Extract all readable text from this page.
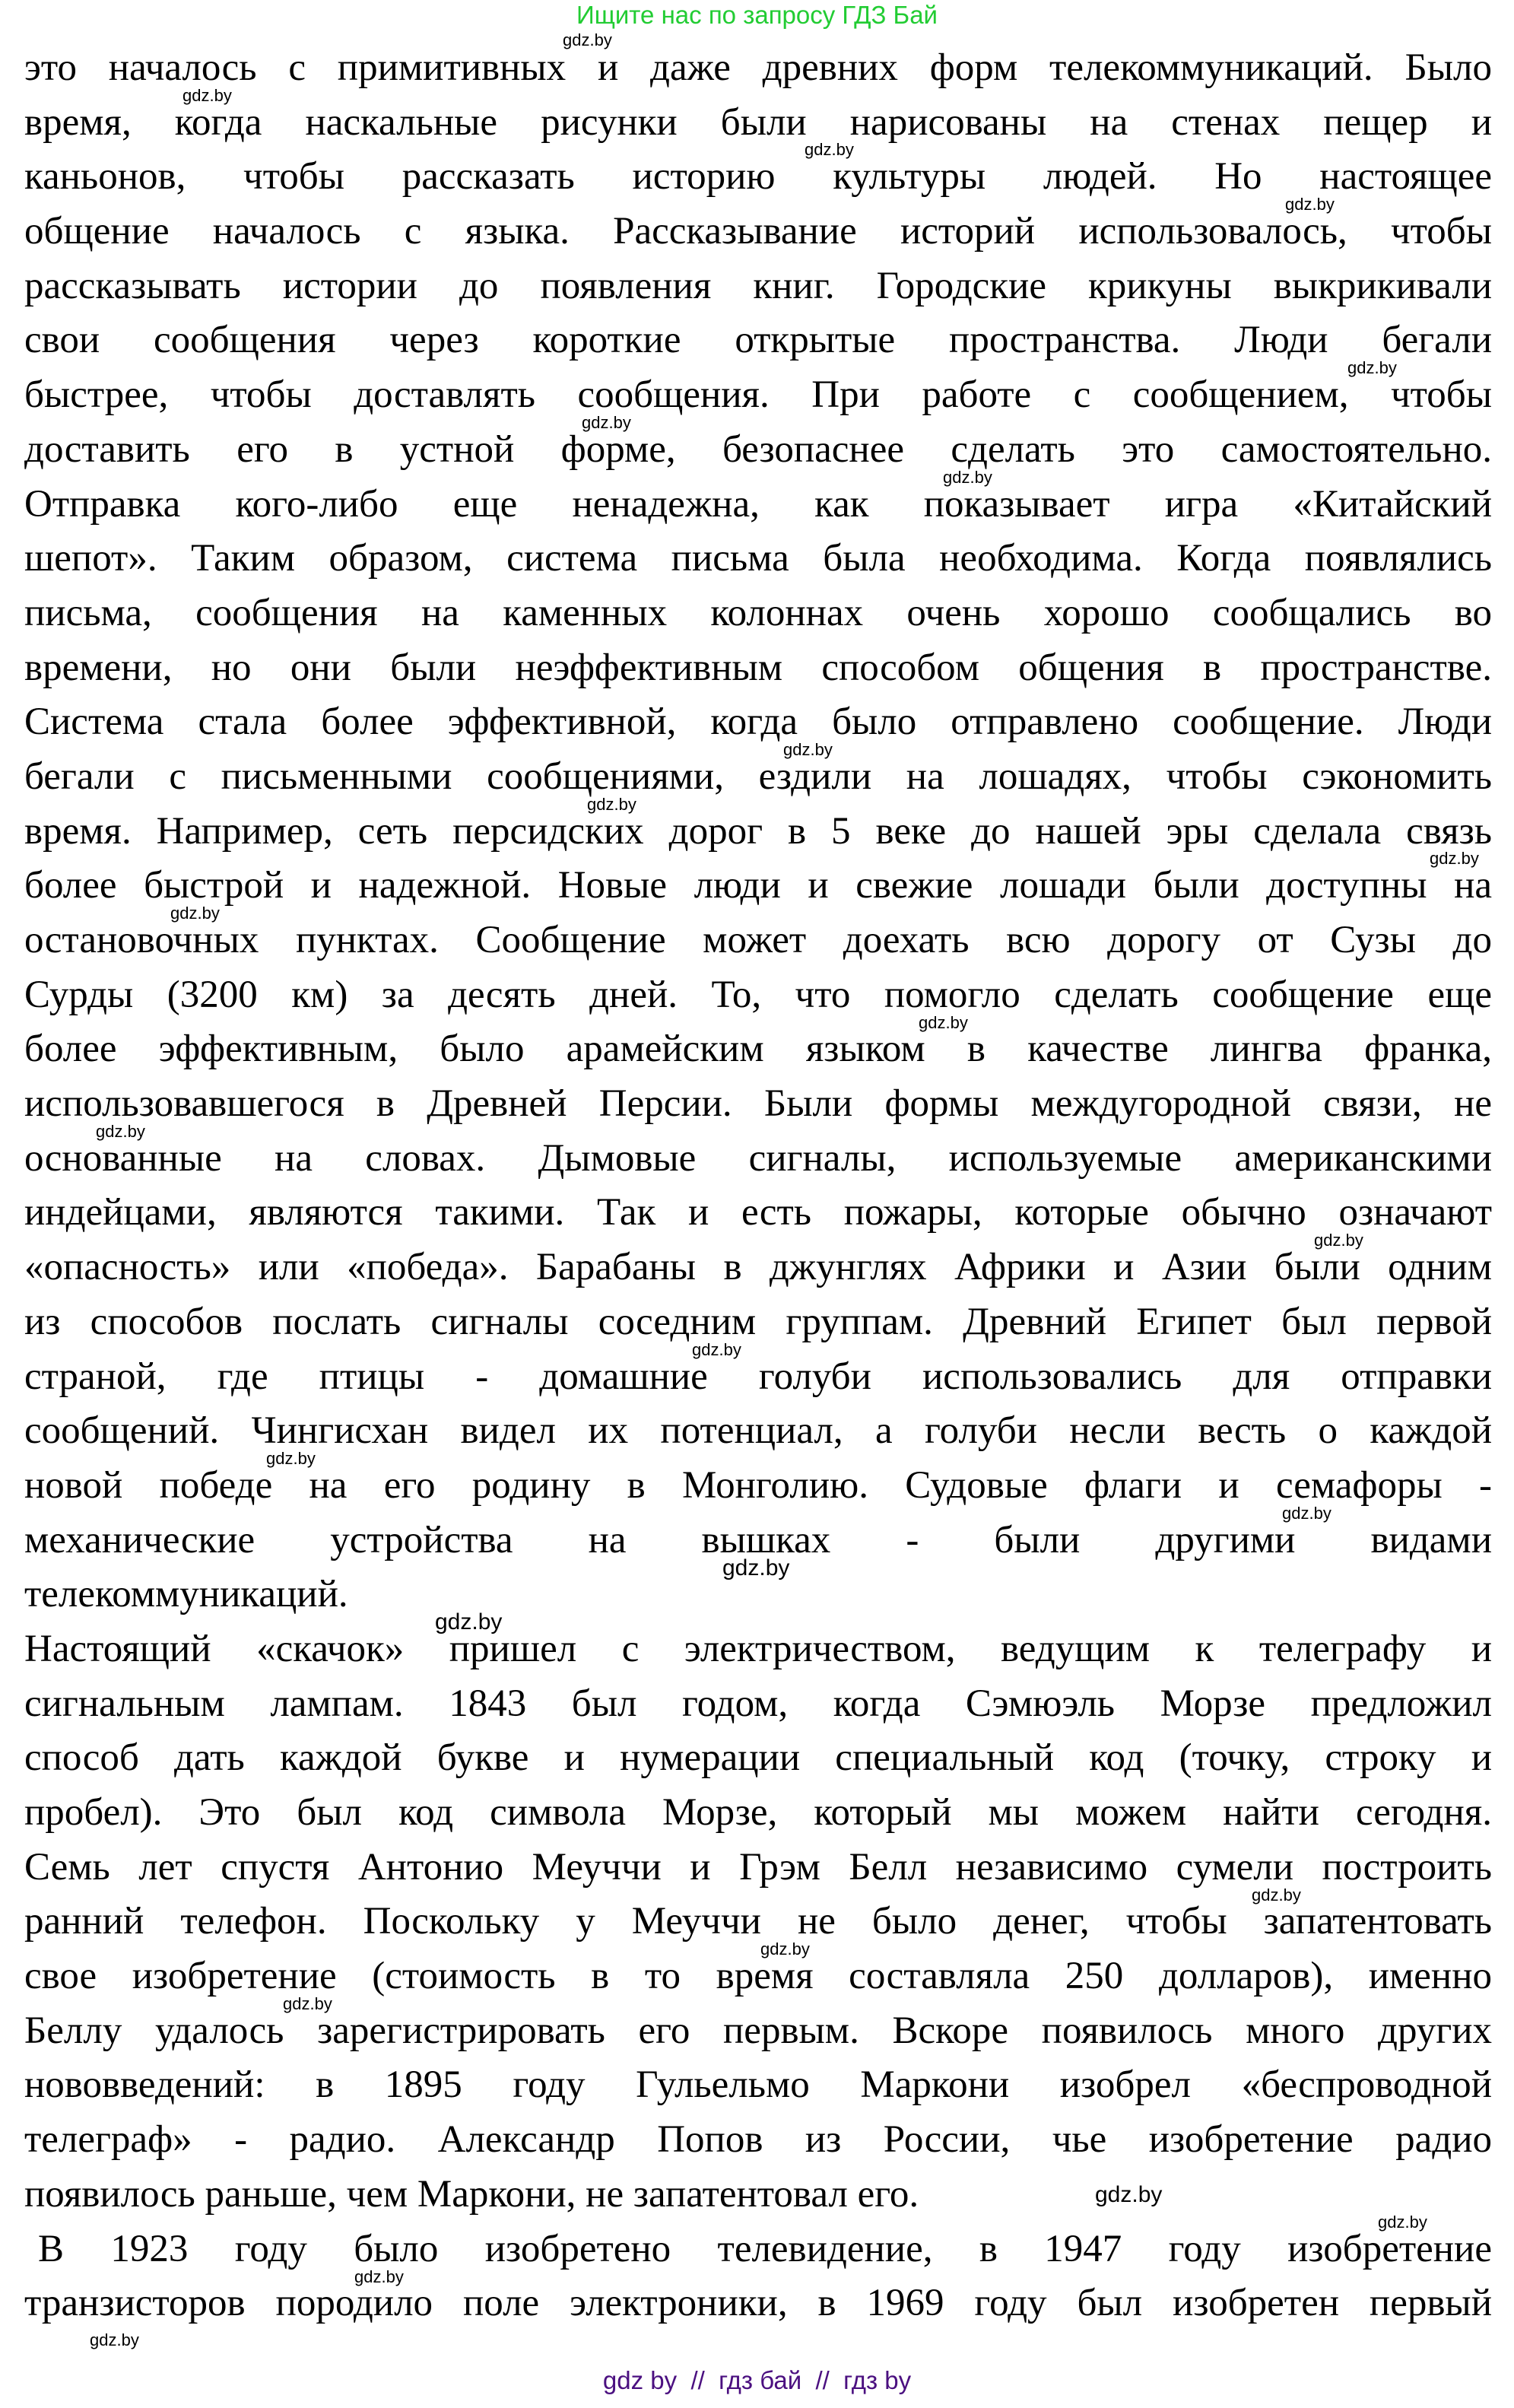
Ищите нас по запросу ГДЗ Бай
это началось с примитивных и даже древних форм телекоммуникаций. Было
время, когда наскальные рисунки были нарисованы на стенах пещер и
каньонов, чтобы рассказать историю культуры людей. Но настоящее
общение началось с языка. Рассказывание историй использовалось, чтобы
рассказывать истории до появления книг. Городские крикуны выкрикивали
свои сообщения через короткие открытые пространства. Люди бегали
быстрее, чтобы доставлять сообщения. При работе с сообщением, чтобы
доставить его в устной форме, безопаснее сделать это самостоятельно.
Отправка кого-либо еще ненадежна, как показывает игра «Китайский
шепот». Таким образом, система письма была необходима. Когда появлялись
письма, сообщения на каменных колоннах очень хорошо сообщались во
времени, но они были неэффективным способом общения в пространстве.
Система стала более эффективной, когда было отправлено сообщение. Люди
бегали с письменными сообщениями, ездили на лошадях, чтобы сэкономить
время. Например, сеть персидских дорог в 5 веке до нашей эры сделала связь
более быстрой и надежной. Новые люди и свежие лошади были доступны на
остановочных пунктах. Сообщение может доехать всю дорогу от Сузы до
Сурды (3200 км) за десять дней. То, что помогло сделать сообщение еще
более эффективным, было арамейским языком в качестве лингва франка,
использовавшегося в Древней Персии. Были формы междугородной связи, не
основанные на словах. Дымовые сигналы, используемые американскими
индейцами, являются такими. Так и есть пожары, которые обычно означают
«опасность» или «победа». Барабаны в джунглях Африки и Азии были одним
из способов послать сигналы соседним группам. Древний Египет был первой
страной, где птицы - домашние голуби использовались для отправки
сообщений. Чингисхан видел их потенциал, а голуби несли весть о каждой
новой победе на его родину в Монголию. Судовые флаги и семафоры -
механические устройства на вышках - были другими видами
телекоммуникаций.
Настоящий «скачок» пришел с электричеством, ведущим к телеграфу и
сигнальным лампам. 1843 был годом, когда Сэмюэль Морзе предложил
способ дать каждой букве и нумерации специальный код (точку, строку и
пробел). Это был код символа Морзе, который мы можем найти сегодня.
Семь лет спустя Антонио Меуччи и Грэм Белл независимо сумели построить
ранний телефон. Поскольку у Меуччи не было денег, чтобы запатентовать
свое изобретение (стоимость в то время составляла 250 долларов), именно
Беллу удалось зарегистрировать его первым. Вскоре появилось много других
нововведений: в 1895 году Гульельмо Маркони изобрел «беспроводной
телеграф» - радио. Александр Попов из России, чье изобретение радио
появилось раньше, чем Маркони, не запатентовал его.
В 1923 году было изобретено телевидение, в 1947 году изобретение
транзисторов породило поле электроники, в 1969 году был изобретен первый
gdz.by
gdz.by
gdz.by
gdz.by
gdz.by
gdz.by
gdz.by
gdz.by
gdz.by
gdz.by
gdz.by
gdz.by
gdz.by
gdz.by
gdz.by
gdz.by
gdz.by
gdz.by
gdz.by
gdz.by
gdz.by
gdz.by
gdz.by
gdz.by
gdz.by
gdz.by
gdz by  //  гдз бай  //  гдз by
